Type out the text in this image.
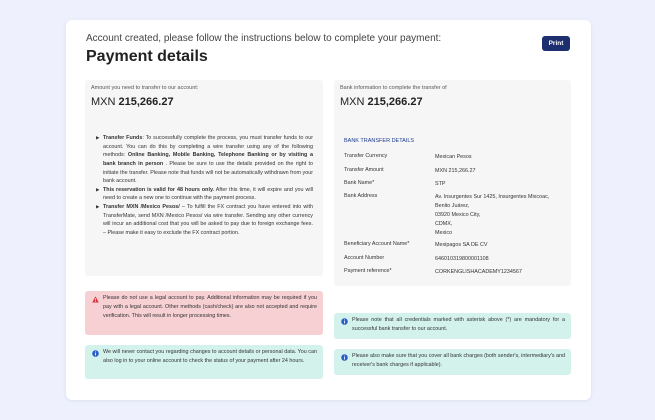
Account created, please follow the instructions below to complete your payment:
Payment details
Print
Amount you need to transfer to our account:
MXN 215,266.27
Bank information to complete the transfer of
MXN 215,266.27
▶ Transfer Funds: To successfully complete the process, you must transfer funds to our account. You can do this by completing a wire transfer using any of the following methods: Online Banking, Mobile Banking, Telephone Banking or by visiting a bank branch in person . Please be sure to use the details provided on the right to initiate the transfer. Please note that funds will not be automatically withdrawn from your bank account.
▶ This reservation is valid for 48 hours only. After this time, it will expire and you will need to create a new one to continue with the payment process.
▶ Transfer MXN /Mexico Pesos/ – To fulfill the FX contract you have entered into with TransferMate, send MXN /Mexico Pesos/ via wire transfer. Sending any other currency will incur an additional cost that you will be asked to pay due to foreign exchange fees. – Please make it easy to exclude the FX contract portion.
BANK TRANSFER DETAILS
Transfer Currency	Mexican Pesos
Transfer Amount	MXN 215,266.27
Bank Name*	STP
Bank Address	Av. Insurgentes Sur 1425, Insurgentes Mixcoac,
Benito Juárez,
03920 Mexico City,
CDMX,
Mexico
Beneficiary Account Name*	Mexipagos SA DE CV
Account Number	646010319800001108
Payment reference*	CORKENGLISHACADEMY1234567
Please do not use a legal account to pay. Additional information may be required if you pay with a legal account. Other methods (cash/check) are also not accepted and require verification. This will result in longer processing times.
We will never contact you regarding changes to account details or personal data. You can also log in to your online account to check the status of your payment after 24 hours.
Please note that all credentials marked with asterisk above (*) are mandatory for a successful bank transfer to our account.
Please also make sure that you cover all bank charges (both sender's, intermediary's and receiver's bank charges if applicable).
